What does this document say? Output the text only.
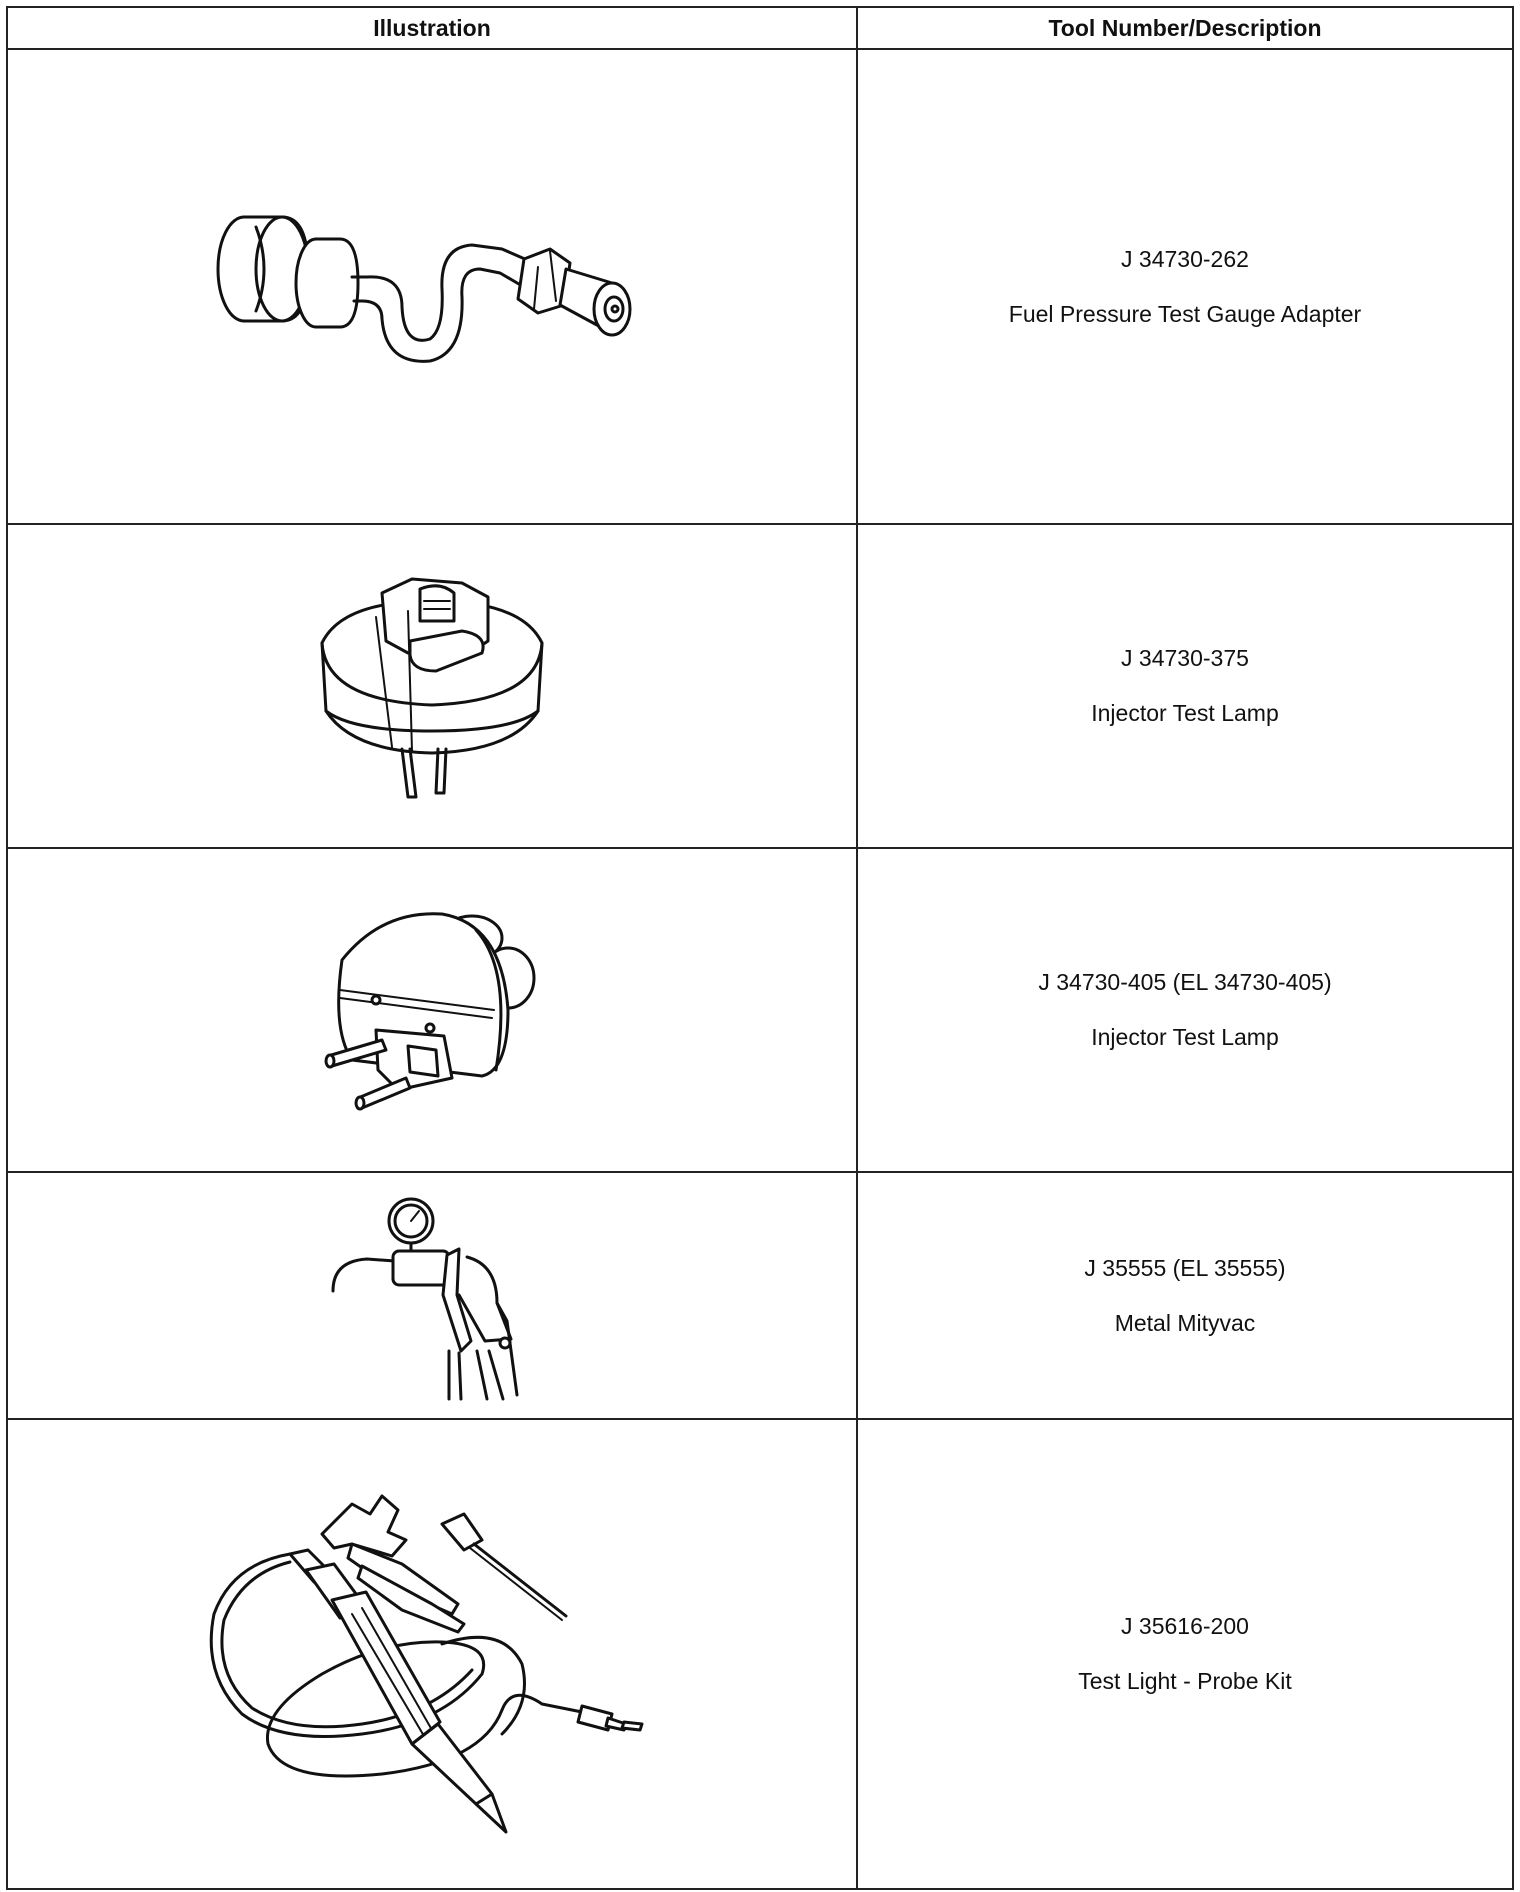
Illustration	Tool Number/Description

J 34730-262
Fuel Pressure Test Gauge Adapter

J 34730-375
Injector Test Lamp

J 34730-405 (EL 34730-405)
Injector Test Lamp

J 35555 (EL 35555)
Metal Mityvac

J 35616-200
Test Light - Probe Kit
